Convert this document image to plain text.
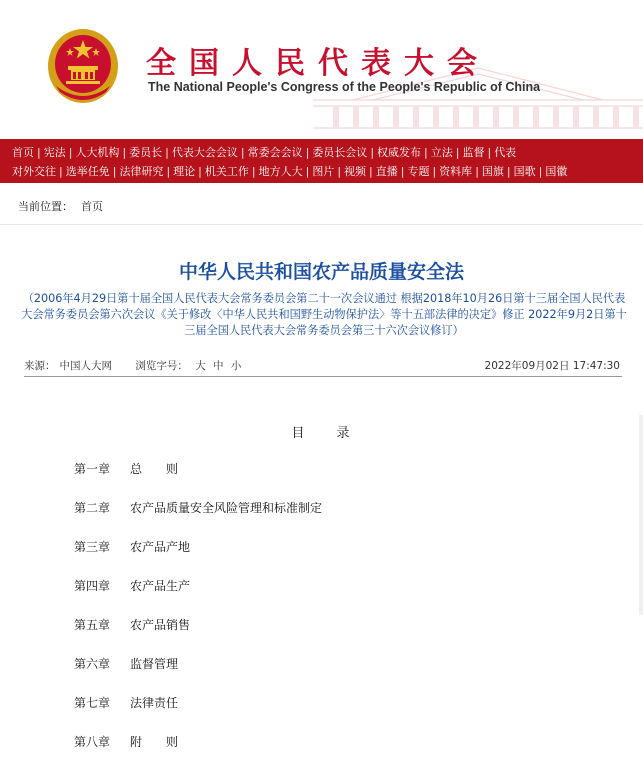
全国人民代表大会
The National People's Congress of the People's Republic of China
首页 | 宪法 | 人大机构 | 委员长 | 代表大会会议 | 常委会会议 | 委员长会议 | 权威发布 | 立法 | 监督 | 代表
对外交往 | 选举任免 | 法律研究 | 理论 | 机关工作 | 地方人大 | 图片 | 视频 | 直播 | 专题 | 资料库 | 国旗 | 国歌 | 国徽
当前位置： 首页
中华人民共和国农产品质量安全法
（2006年4月29日第十届全国人民代表大会常务委员会第二十一次会议通过 根据2018年10月26日第十三届全国人民代表大会常务委员会第六次会议《关于修改〈中华人民共和国野生动物保护法〉等十五部法律的决定》修正 2022年9月2日第十三届全国人民代表大会常务委员会第三十六次会议修订）
来源： 中国人大网 浏览字号： 大 中 小	2022年09月02日 17:47:30
目录
第一章 总　　则
第二章 农产品质量安全风险管理和标准制定
第三章 农产品产地
第四章 农产品生产
第五章 农产品销售
第六章 监督管理
第七章 法律责任
第八章 附　　则
